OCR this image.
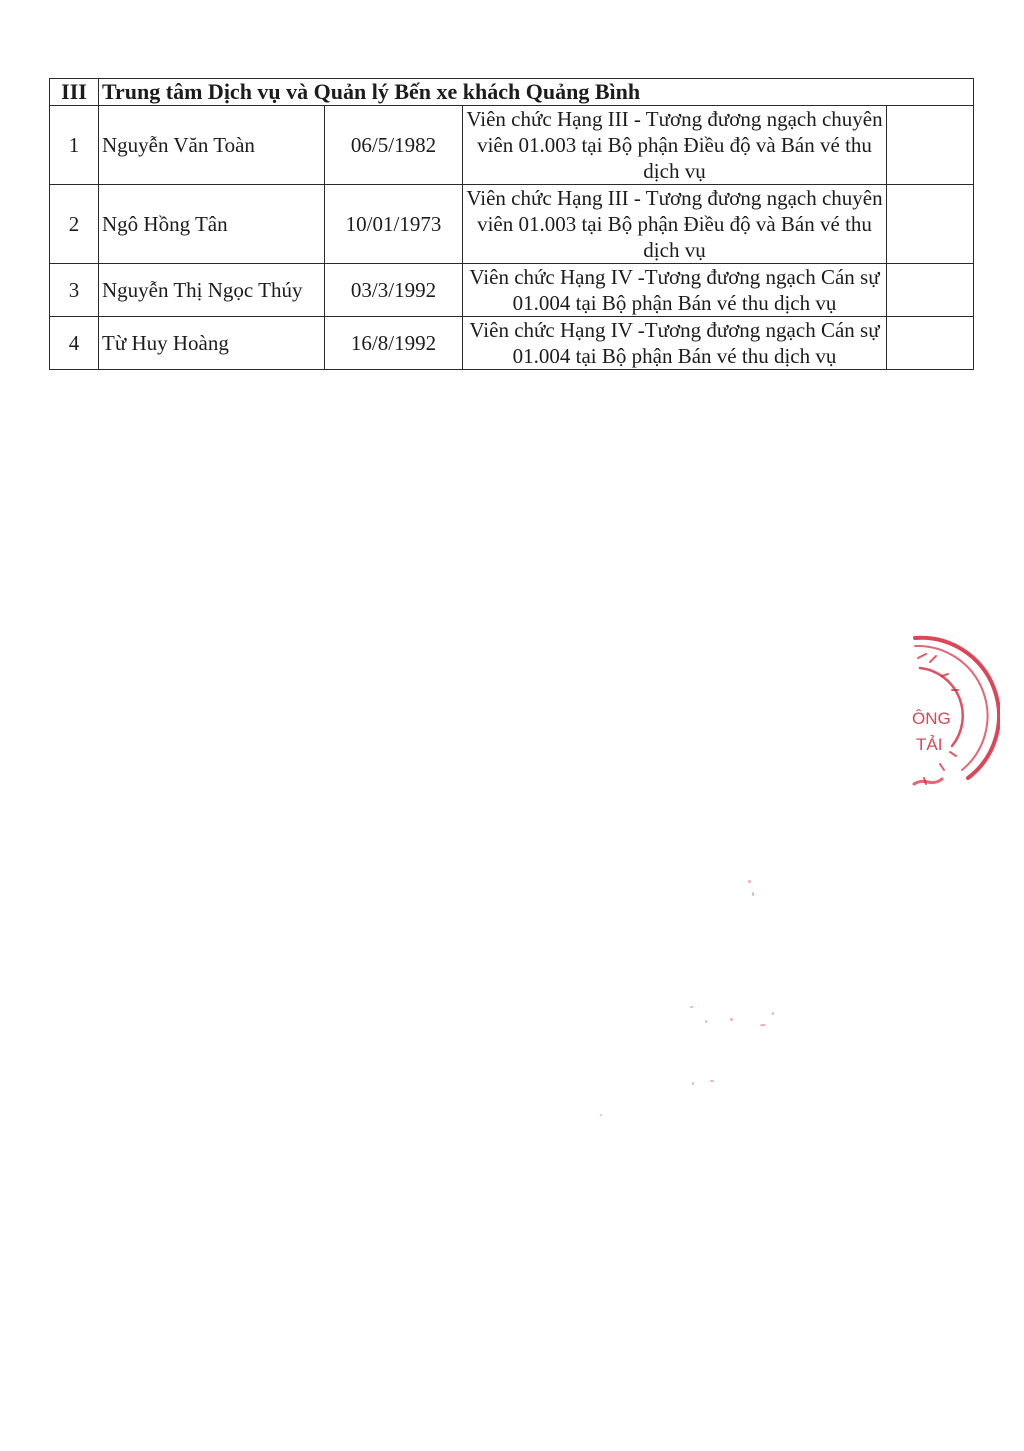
III	Trung tâm Dịch vụ và Quản lý Bến xe khách Quảng Bình			
1	Nguyễn Văn Toàn	06/5/1982	Viên chức Hạng III - Tương đương ngạch chuyên viên 01.003 tại Bộ phận Điều độ và Bán vé thu dịch vụ	
2	Ngô Hồng Tân	10/01/1973	Viên chức Hạng III - Tương đương ngạch chuyên viên 01.003 tại Bộ phận Điều độ và Bán vé thu dịch vụ	
3	Nguyễn Thị Ngọc Thúy	03/3/1992	Viên chức Hạng IV -Tương đương ngạch Cán sự 01.004 tại Bộ phận Bán vé thu dịch vụ	
4	Từ Huy Hoàng	16/8/1992	Viên chức Hạng IV -Tương đương ngạch Cán sự 01.004 tại Bộ phận Bán vé thu dịch vụ	
ÔNG
TẢI
